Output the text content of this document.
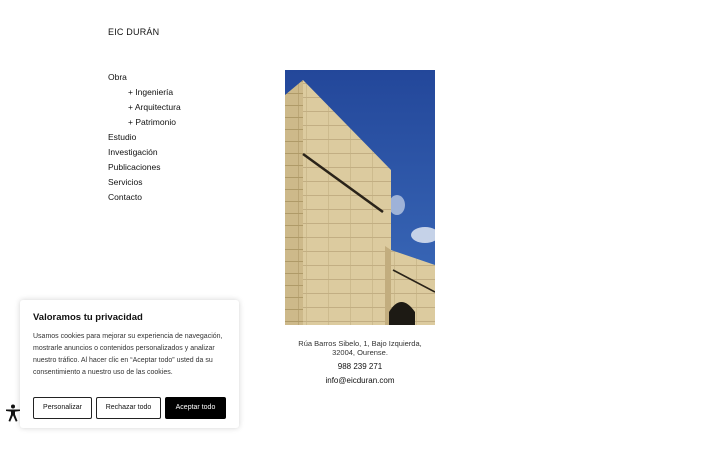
EIC DURÁN
Obra
+ Ingeniería
+ Arquitectura
+ Patrimonio
Estudio
Investigación
Publicaciones
Servicios
Contacto
Rúa Barros Sibelo, 1, Bajo Izquierda,
32004, Ourense.
988 239 271
info@eicduran.com
Valoramos tu privacidad
Usamos cookies para mejorar su experiencia de navegación, mostrarle anuncios o contenidos personalizados y analizar nuestro tráfico. Al hacer clic en “Aceptar todo” usted da su consentimiento a nuestro uso de las cookies.
Personalizar	Rechazar todo	Aceptar todo
